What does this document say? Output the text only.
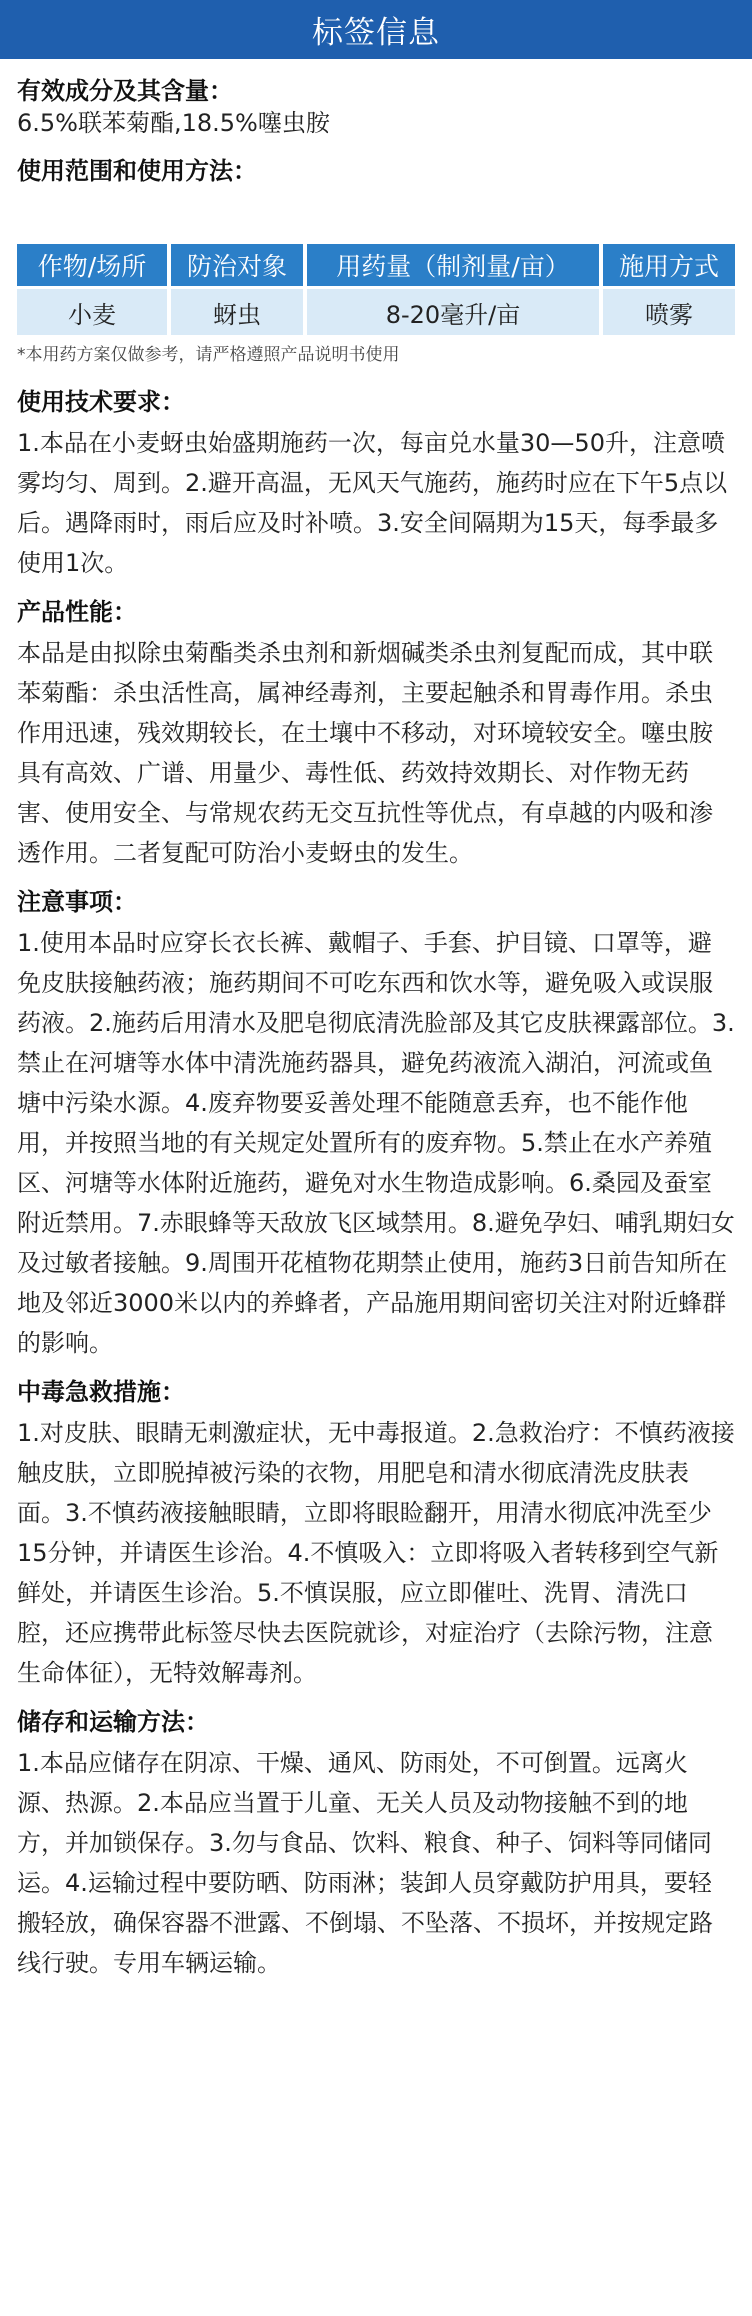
标签信息
有效成分及其含量：
6.5%联苯菊酯,18.5%噻虫胺
使用范围和使用方法：
作物/场所	防治对象	用药量（制剂量/亩）	施用方式
小麦	蚜虫	8-20毫升/亩	喷雾
*本用药方案仅做参考，请严格遵照产品说明书使用
使用技术要求：
1.本品在小麦蚜虫始盛期施药一次，每亩兑水量30—50升，注意喷雾均匀、周到。2.避开高温，无风天气施药，施药时应在下午5点以后。遇降雨时，雨后应及时补喷。3.安全间隔期为15天，每季最多使用1次。
产品性能：
本品是由拟除虫菊酯类杀虫剂和新烟碱类杀虫剂复配而成，其中联苯菊酯：杀虫活性高，属神经毒剂，主要起触杀和胃毒作用。杀虫作用迅速，残效期较长，在土壤中不移动，对环境较安全。噻虫胺具有高效、广谱、用量少、毒性低、药效持效期长、对作物无药害、使用安全、与常规农药无交互抗性等优点，有卓越的内吸和渗透作用。二者复配可防治小麦蚜虫的发生。
注意事项：
1.使用本品时应穿长衣长裤、戴帽子、手套、护目镜、口罩等，避免皮肤接触药液；施药期间不可吃东西和饮水等，避免吸入或误服药液。2.施药后用清水及肥皂彻底清洗脸部及其它皮肤裸露部位。3.禁止在河塘等水体中清洗施药器具，避免药液流入湖泊，河流或鱼塘中污染水源。4.废弃物要妥善处理不能随意丢弃，也不能作他用，并按照当地的有关规定处置所有的废弃物。5.禁止在水产养殖区、河塘等水体附近施药，避免对水生物造成影响。6.桑园及蚕室附近禁用。7.赤眼蜂等天敌放飞区域禁用。8.避免孕妇、哺乳期妇女及过敏者接触。9.周围开花植物花期禁止使用，施药3日前告知所在地及邻近3000米以内的养蜂者，产品施用期间密切关注对附近蜂群的影响。
中毒急救措施：
1.对皮肤、眼睛无刺激症状，无中毒报道。2.急救治疗：不慎药液接触皮肤，立即脱掉被污染的衣物，用肥皂和清水彻底清洗皮肤表面。3.不慎药液接触眼睛，立即将眼睑翻开，用清水彻底冲洗至少15分钟，并请医生诊治。4.不慎吸入：立即将吸入者转移到空气新鲜处，并请医生诊治。5.不慎误服，应立即催吐、洗胃、清洗口腔，还应携带此标签尽快去医院就诊，对症治疗（去除污物，注意生命体征），无特效解毒剂。
储存和运输方法：
1.本品应储存在阴凉、干燥、通风、防雨处，不可倒置。远离火源、热源。2.本品应当置于儿童、无关人员及动物接触不到的地方，并加锁保存。3.勿与食品、饮料、粮食、种子、饲料等同储同运。4.运输过程中要防晒、防雨淋；装卸人员穿戴防护用具，要轻搬轻放，确保容器不泄露、不倒塌、不坠落、不损坏，并按规定路线行驶。专用车辆运输。
